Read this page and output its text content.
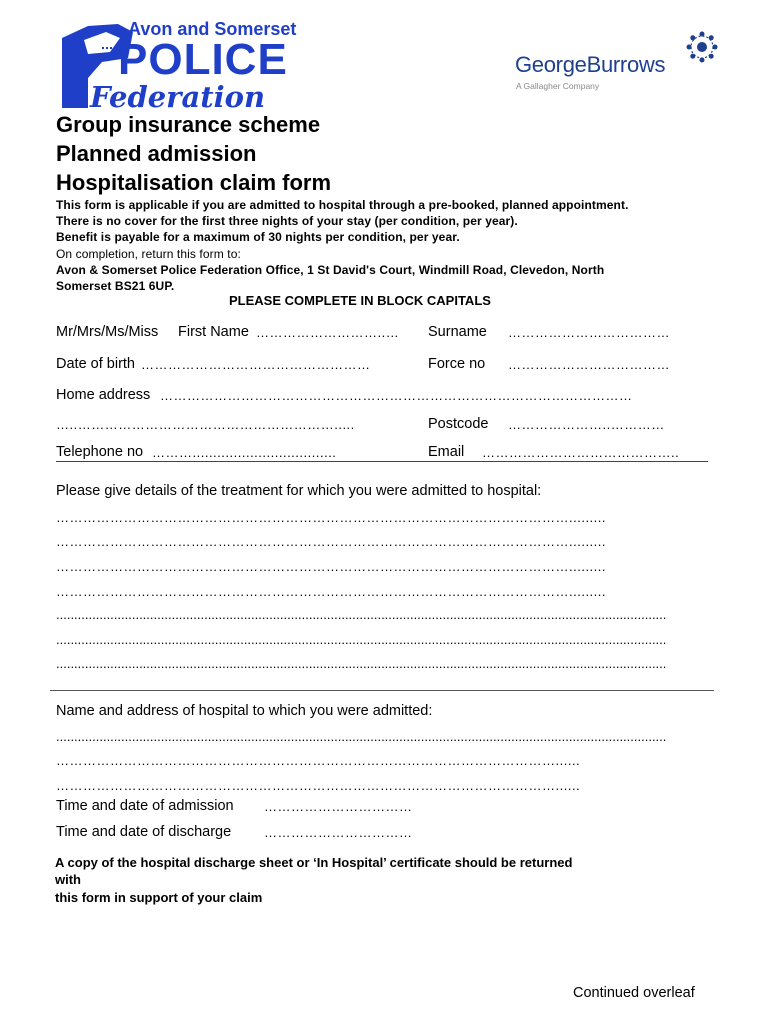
Avon and Somerset
POLICE
Federation
GeorgeBurrows
A Gallagher Company
Group insurance scheme
Planned admission
Hospitalisation claim form
This form is applicable if you are admitted to hospital through a pre-booked, planned appointment.
There is no cover for the first three nights of your stay (per condition, per year).
Benefit is payable for a maximum of 30 nights per condition, per year.
On completion, return this form to:
Avon & Somerset Police Federation Office, 1 St David's Court, Windmill Road, Clevedon, North
Somerset BS21 6UP.
PLEASE COMPLETE IN BLOCK CAPITALS
Mr/Mrs/Ms/Miss First Name ………………………..…	Surname ………………………………
Date of birth ……………………………………………	Force no ………………………………
Home address ……………………………………………………………………………………………
…..………………………………………………….....	Postcode …………………..…………
Telephone no ………...................................	Email ……………………………………..
Please give details of the treatment for which you were admitted to hospital:
…………………………………………………………………………………………………….........
…………………………………………………………………………………………………….........
…………………………………………………………………………………………………….........
…………………………………………………………………………………………………….........
.........................................................................................................................................................................
.........................................................................................................................................................................
.........................................................................................................................................................................
Name and address of hospital to which you were admitted:
.........................................................................................................................................................................
…………………………………………………………………………………………………......
…………………………………………………………………………………………………......
Time and date of admission ……………………………
Time and date of discharge	……………………………
A copy of the hospital discharge sheet or ‘In Hospital’ certificate should be returned
with
this form in support of your claim
Continued overleaf
